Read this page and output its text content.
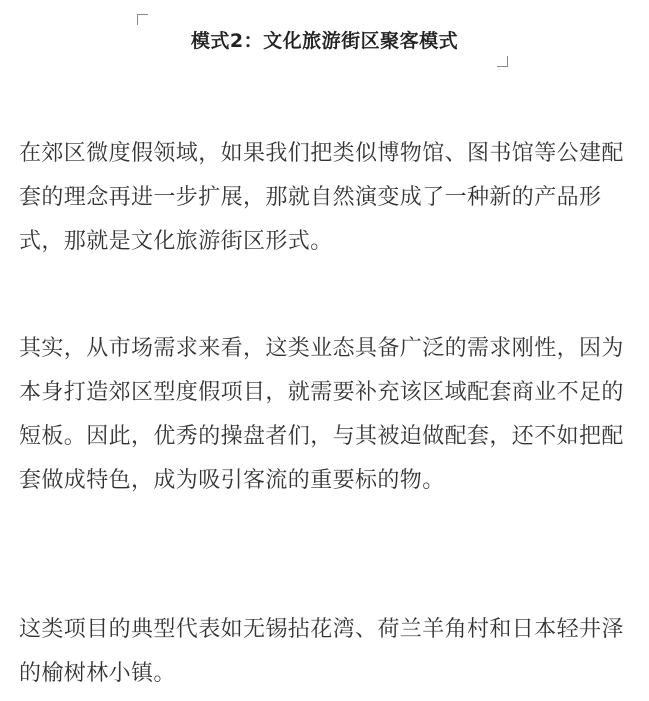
模式2：文化旅游街区聚客模式

在郊区微度假领域，如果我们把类似博物馆、图书馆等公建配套的理念再进一步扩展，那就自然演变成了一种新的产品形式，那就是文化旅游街区形式。

其实，从市场需求来看，这类业态具备广泛的需求刚性，因为本身打造郊区型度假项目，就需要补充该区域配套商业不足的短板。因此，优秀的操盘者们，与其被迫做配套，还不如把配套做成特色，成为吸引客流的重要标的物。

这类项目的典型代表如无锡拈花湾、荷兰羊角村和日本轻井泽的榆树林小镇。
